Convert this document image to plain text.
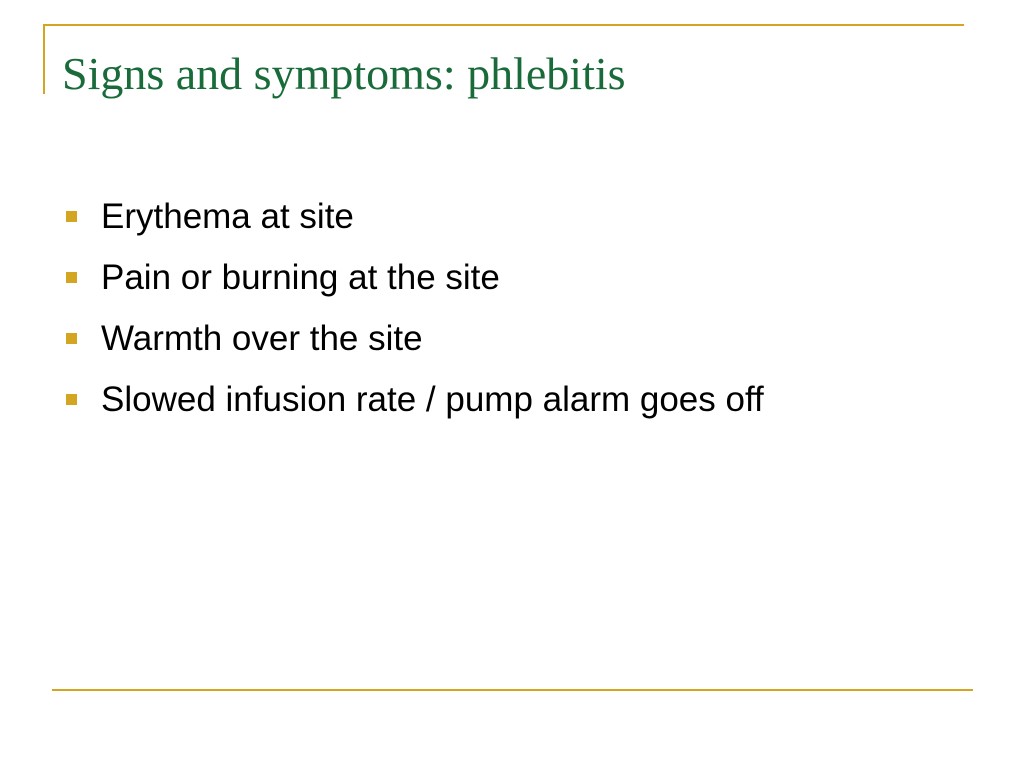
Signs and symptoms: phlebitis
Erythema at site
Pain or burning at the site
Warmth over the site
Slowed infusion rate / pump alarm goes off
